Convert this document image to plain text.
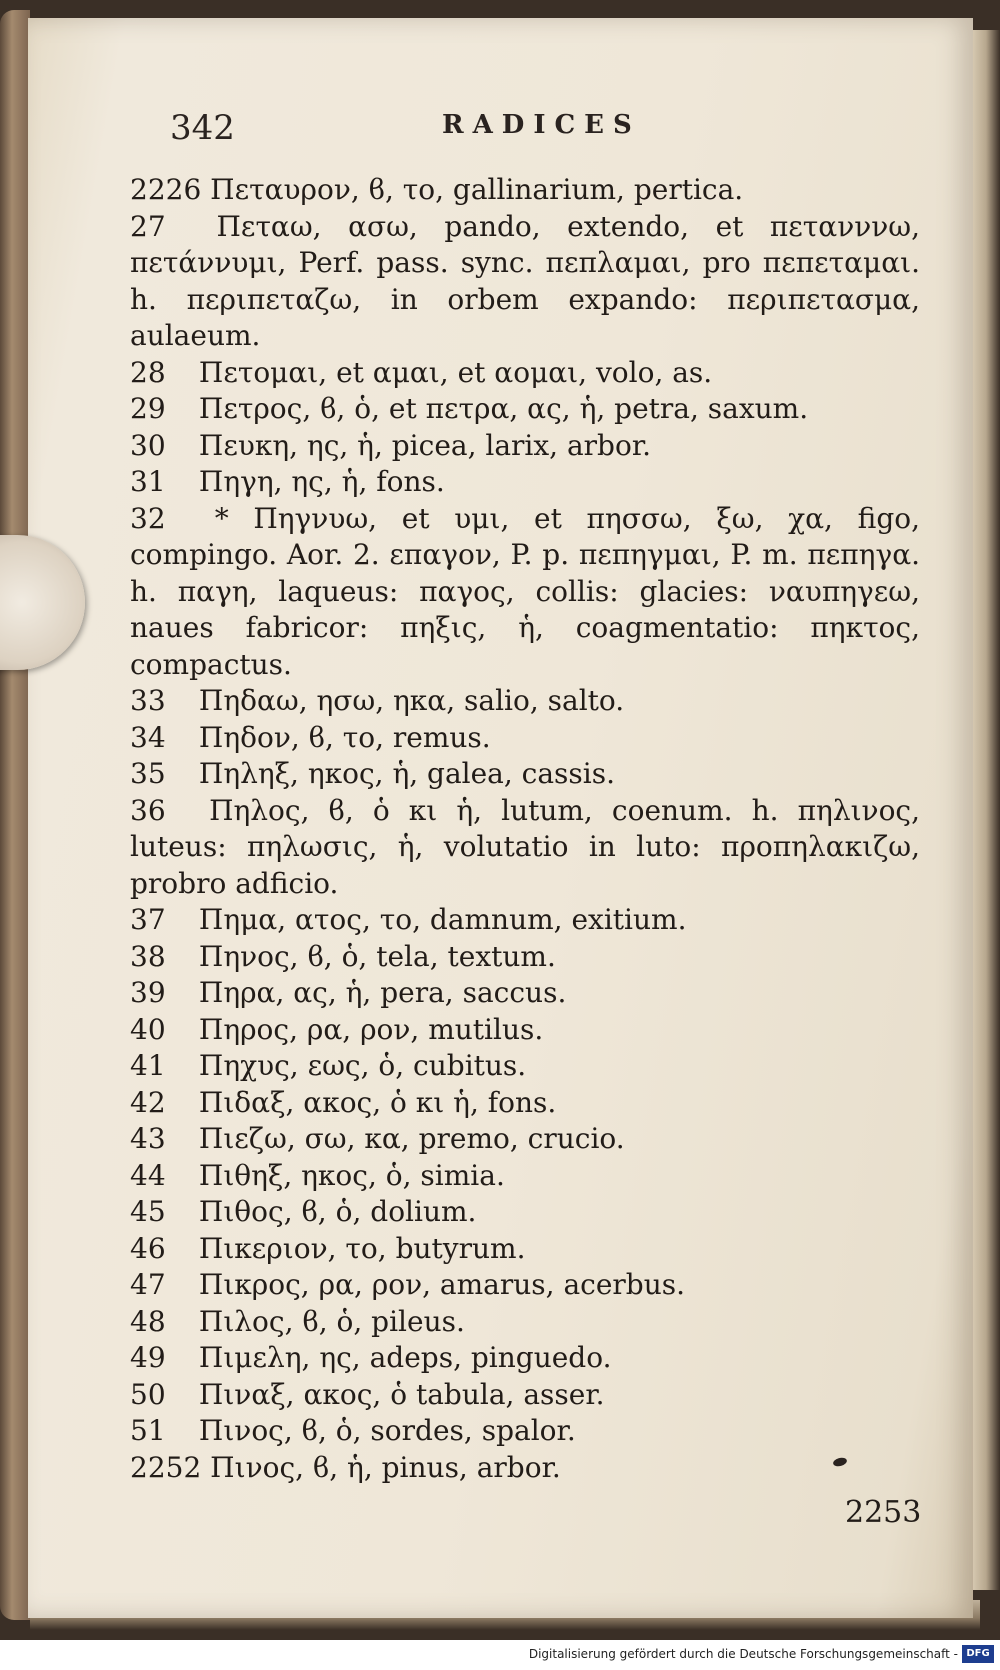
342	RADICES

2226 Πεταυρον, ϐ, το, gallinarium, pertica.

27 Πεταω, ασω, pando, extendo, et πετανννω, πετάννυμι, Perf. pass. sync. πεπλαμαι, pro πεπεταμαι. h. περιπεταζω, in orbem expando: περιπετασμα, aulaeum.

28 Πετομαι, et αμαι, et αομαι, volo, as.

29 Πετρος, ϐ, ὁ, et πετρα, ας, ἡ, petra, saxum.

30 Πευκη, ης, ἡ, picea, larix, arbor.

31 Πηγη, ης, ἡ, fons.

32 * Πηγνυω, et υμι, et πησσω, ξω, χα, figo, compingo. Aor. 2. επαγον, P. p. πεπηγμαι, P. m. πεπηγα. h. παγη, laqueus: παγος, collis: glacies: ναυπηγεω, naues fabricor: πηξις, ἡ, coagmentatio: πηκτος, compactus.

33 Πηδαω, ησω, ηκα, salio, salto.

34 Πηδον, ϐ, το, remus.

35 Πηληξ, ηκος, ἡ, galea, cassis.

36 Πηλος, ϐ, ὁ κι ἡ, lutum, coenum. h. πηλινος, luteus: πηλωσις, ἡ, volutatio in luto: προπηλακιζω, probro adficio.

37 Πημα, ατος, το, damnum, exitium.

38 Πηνος, ϐ, ὁ, tela, textum.

39 Πηρα, ας, ἡ, pera, saccus.

40 Πηρος, ρα, ρον, mutilus.

41 Πηχυς, εως, ὁ, cubitus.

42 Πιδαξ, ακος, ὁ κι ἡ, fons.

43 Πιεζω, σω, κα, premo, crucio.

44 Πιθηξ, ηκος, ὁ, simia.

45 Πιθος, ϐ, ὁ, dolium.

46 Πικεριον, το, butyrum.

47 Πικρος, ρα, ρον, amarus, acerbus.

48 Πιλος, ϐ, ὁ, pileus.

49 Πιμελη, ης, adeps, pinguedo.

50 Πιναξ, ακος, ὁ tabula, asser.

51 Πινος, ϐ, ὁ, sordes, spalor.

2252 Πινος, ϐ, ἡ, pinus, arbor.

2253
Digitalisierung gefördert durch die Deutsche Forschungsgemeinschaft - DFG
